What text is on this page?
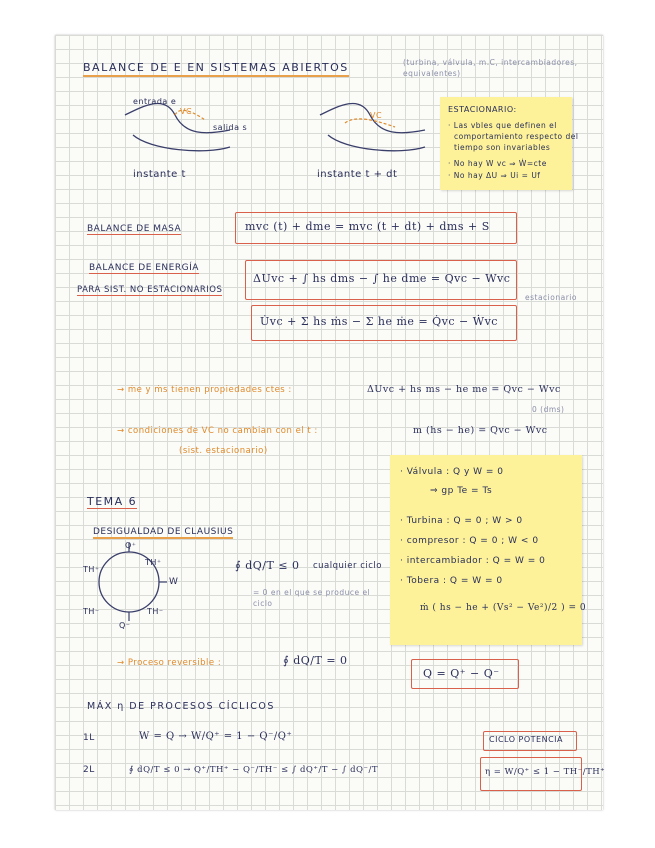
BALANCE DE E EN SISTEMAS ABIERTOS	(turbina, válvula, m.C, intercambiadores, equivalentes)
entrada e
VC
salida s
VC
instante t	instante t + dt
ESTACIONARIO:
· Las vbles que definen el
comportamiento respecto del
tiempo son invariables
· No hay W vc ⇒ Ẇ=cte
· No hay ΔU ⇒ Ui = Uf
BALANCE DE MASA	mvc (t) + dme = mvc (t + dt) + dms + S
BALANCE DE ENERGÍA
PARA SIST. NO ESTACIONARIOS
ΔUvc + ∫ hs dms − ∫ he dme = Qvc − Wvc
U̇vc + Σ hs ṁs − Σ he ṁe = Q̇vc − Ẇvc
estacionario
→ ṁe y ṁs tienen propiedades ctes :	ΔUvc + hs ms − he me = Qvc − Wvc
0 (dms)
→ condiciones de VC no cambian con el t :	m (hs − he) = Qvc − Wvc
(sist. estacionario)
· Válvula : Q y W = 0
⇒ gp Te = Ts
· Turbina : Q = 0 ; W > 0
· compresor : Q = 0 ; W < 0
· intercambiador : Q = W = 0
· Tobera : Q = W = 0
ṁ ( hs − he + (Vs² − Ve²)/2 ) = 0
TEMA 6
DESIGUALDAD DE CLAUSIUS
Q⁺
TH⁺
TH⁺
W
TH⁻	TH⁻
Q⁻
∮ dQ/T ≤ 0 cualquier ciclo
= 0 en el que se produce el
ciclo
→ Proceso reversible :	∮ dQ/T = 0
Q = Q⁺ − Q⁻
MÁX η DE PROCESOS CÍCLICOS
1L	W = Q → W/Q⁺ = 1 − Q⁻/Q⁺	CICLO POTENCIA
2L	∮ dQ/T ≤ 0 → Q⁺/TH⁺ − Q⁻/TH⁻ ≤ ∫ dQ⁺/T − ∫ dQ⁻/T	η = W/Q⁺ ≤ 1 − TH⁻/TH⁺
